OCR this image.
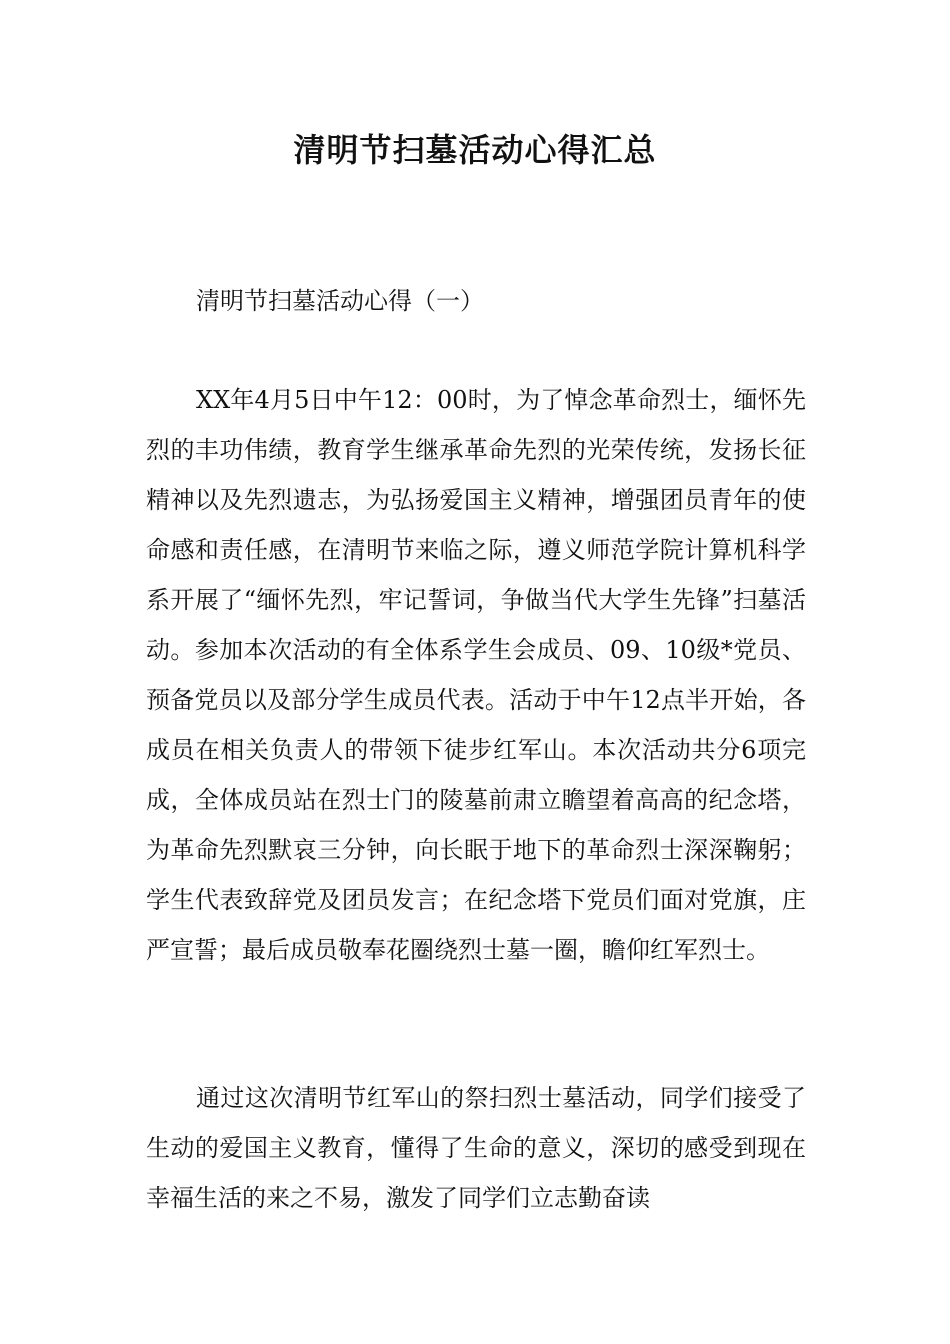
清明节扫墓活动心得汇总

清明节扫墓活动心得（一）

XX年4月5日中午12：00时，为了悼念革命烈士，缅怀先烈的丰功伟绩，教育学生继承革命先烈的光荣传统，发扬长征精神以及先烈遗志，为弘扬爱国主义精神，增强团员青年的使命感和责任感，在清明节来临之际，遵义师范学院计算机科学系开展了“缅怀先烈，牢记誓词，争做当代大学生先锋”扫墓活动。参加本次活动的有全体系学生会成员、09、10级*党员、预备党员以及部分学生成员代表。活动于中午12点半开始，各成员在相关负责人的带领下徒步红军山。本次活动共分6项完成，全体成员站在烈士门的陵墓前肃立瞻望着高高的纪念塔，为革命先烈默哀三分钟，向长眠于地下的革命烈士深深鞠躬；学生代表致辞党及团员发言；在纪念塔下党员们面对党旗，庄严宣誓；最后成员敬奉花圈绕烈士墓一圈，瞻仰红军烈士。

通过这次清明节红军山的祭扫烈士墓活动，同学们接受了生动的爱国主义教育，懂得了生命的意义，深切的感受到现在幸福生活的来之不易，激发了同学们立志勤奋读
